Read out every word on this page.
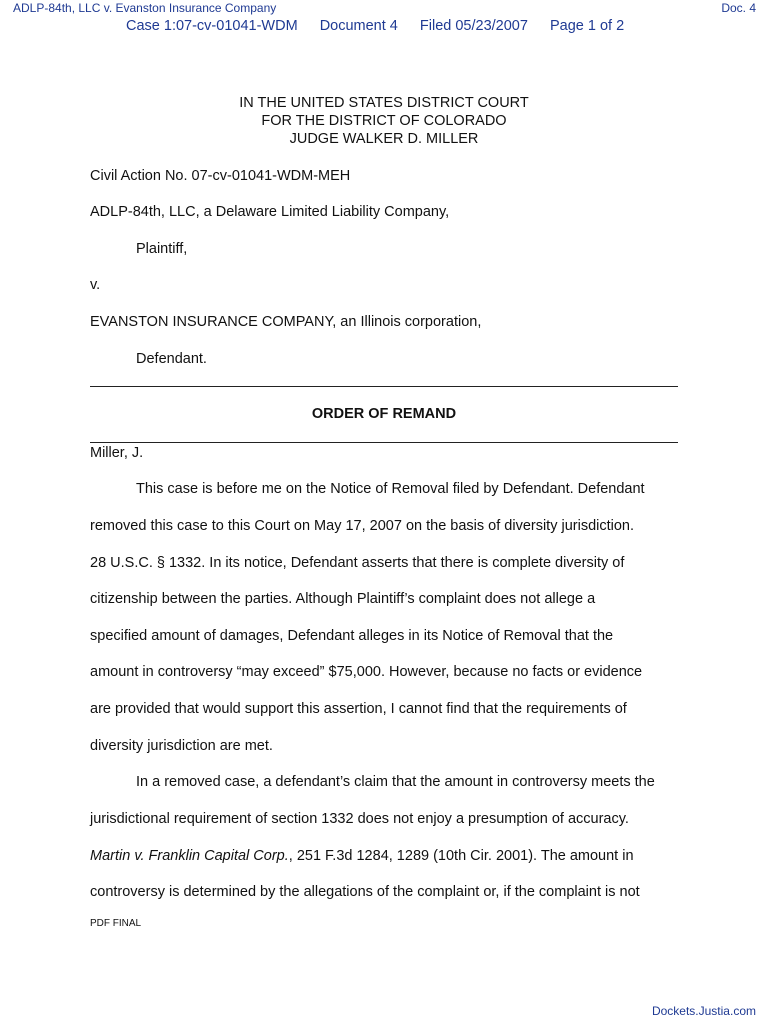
ADLP-84th, LLC v. Evanston Insurance Company	Doc. 4
Case 1:07-cv-01041-WDM Document 4 Filed 05/23/2007 Page 1 of 2
IN THE UNITED STATES DISTRICT COURT
FOR THE DISTRICT OF COLORADO
JUDGE WALKER D. MILLER
Civil Action No. 07-cv-01041-WDM-MEH
ADLP-84th, LLC, a Delaware Limited Liability Company,
Plaintiff,
v.
EVANSTON INSURANCE COMPANY, an Illinois corporation,
Defendant.
ORDER OF REMAND
Miller, J.
This case is before me on the Notice of Removal filed by Defendant. Defendant
removed this case to this Court on May 17, 2007 on the basis of diversity jurisdiction.
28 U.S.C. § 1332. In its notice, Defendant asserts that there is complete diversity of
citizenship between the parties. Although Plaintiff’s complaint does not allege a
specified amount of damages, Defendant alleges in its Notice of Removal that the
amount in controversy “may exceed” $75,000. However, because no facts or evidence
are provided that would support this assertion, I cannot find that the requirements of
diversity jurisdiction are met.
In a removed case, a defendant’s claim that the amount in controversy meets the
jurisdictional requirement of section 1332 does not enjoy a presumption of accuracy.
Martin v. Franklin Capital Corp., 251 F.3d 1284, 1289 (10th Cir. 2001). The amount in
controversy is determined by the allegations of the complaint or, if the complaint is not
PDF FINAL
Dockets.Justia.com
